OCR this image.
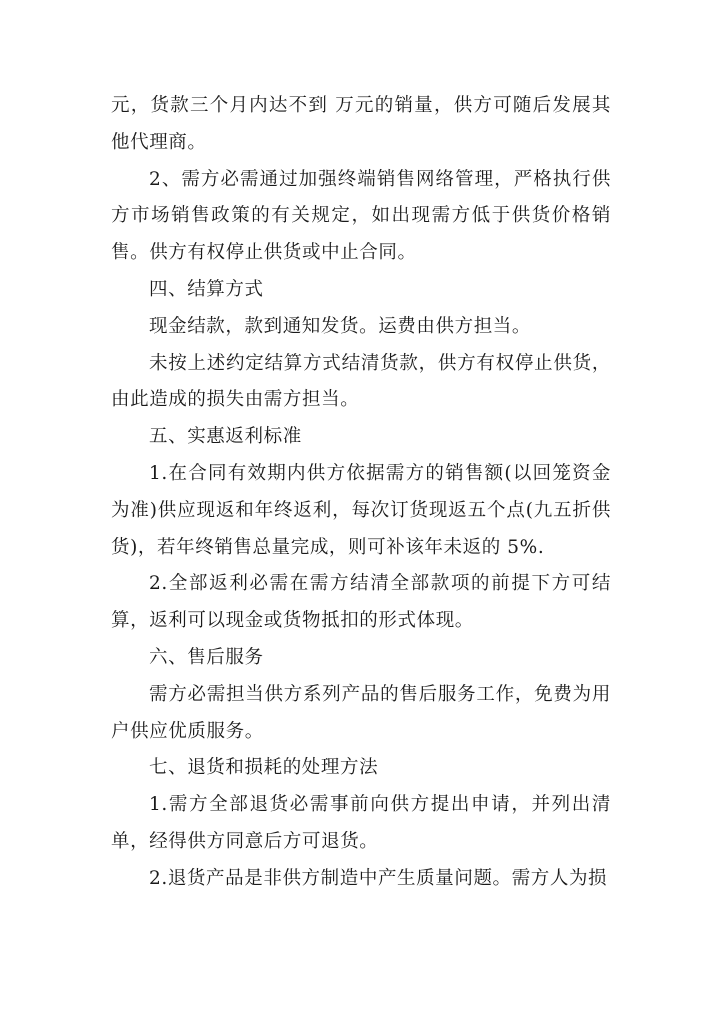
元，货款三个月内达不到 万元的销量，供方可随后发展其他代理商。

2、需方必需通过加强终端销售网络管理，严格执行供方市场销售政策的有关规定，如出现需方低于供货价格销售。供方有权停止供货或中止合同。

四、结算方式

现金结款，款到通知发货。运费由供方担当。

未按上述约定结算方式结清货款，供方有权停止供货，由此造成的损失由需方担当。

五、实惠返利标准

1.在合同有效期内供方依据需方的销售额(以回笼资金为准)供应现返和年终返利，每次订货现返五个点(九五折供货)，若年终销售总量完成，则可补该年未返的 5%.

2.全部返利必需在需方结清全部款项的前提下方可结算，返利可以现金或货物抵扣的形式体现。

六、售后服务

需方必需担当供方系列产品的售后服务工作，免费为用户供应优质服务。

七、退货和损耗的处理方法

1.需方全部退货必需事前向供方提出申请，并列出清单，经得供方同意后方可退货。

2.退货产品是非供方制造中产生质量问题。需方人为损
